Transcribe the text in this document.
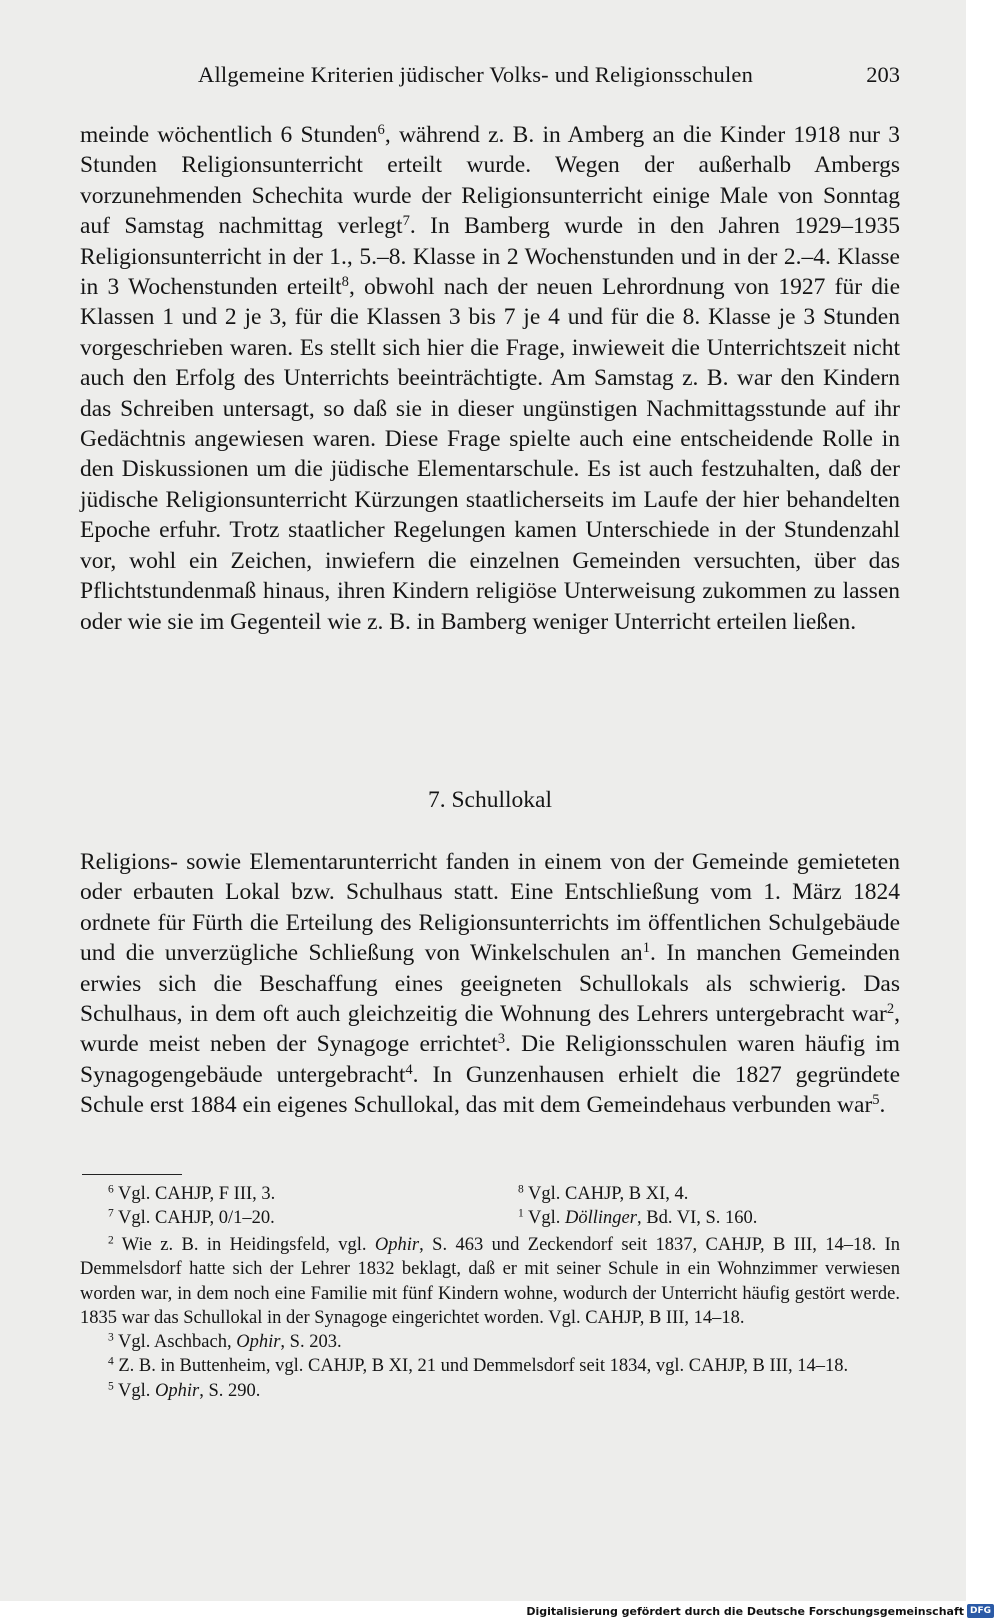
Allgemeine Kriterien jüdischer Volks- und Religionsschulen	203
meinde wöchentlich 6 Stunden$^6$, während z. B. in Amberg an die Kinder 1918 nur 3 Stunden Religionsunterricht erteilt wurde. Wegen der außerhalb Ambergs vorzunehmenden Schechita wurde der Religionsunterricht einige Male von Sonntag auf Samstag nachmittag verlegt$^7$. In Bamberg wurde in den Jahren 1929–1935 Religionsunterricht in der 1., 5.–8. Klasse in 2 Wochenstunden und in der 2.–4. Klasse in 3 Wochenstunden erteilt$^8$, obwohl nach der neuen Lehrordnung von 1927 für die Klassen 1 und 2 je 3, für die Klassen 3 bis 7 je 4 und für die 8. Klasse je 3 Stunden vorgeschrieben waren. Es stellt sich hier die Frage, inwieweit die Unterrichtszeit nicht auch den Erfolg des Unterrichts beeinträchtigte. Am Samstag z. B. war den Kindern das Schreiben untersagt, so daß sie in dieser ungünstigen Nachmittagsstunde auf ihr Gedächtnis angewiesen waren. Diese Frage spielte auch eine entscheidende Rolle in den Diskussionen um die jüdische Elementarschule. Es ist auch festzuhalten, daß der jüdische Religionsunterricht Kürzungen staatlicherseits im Laufe der hier behandelten Epoche erfuhr. Trotz staatlicher Regelungen kamen Unterschiede in der Stundenzahl vor, wohl ein Zeichen, inwiefern die einzelnen Gemeinden versuchten, über das Pflichtstundenmaß hinaus, ihren Kindern religiöse Unterweisung zukommen zu lassen oder wie sie im Gegenteil wie z. B. in Bamberg weniger Unterricht erteilen ließen.
7. Schullokal
Religions- sowie Elementarunterricht fanden in einem von der Gemeinde gemieteten oder erbauten Lokal bzw. Schulhaus statt. Eine Entschließung vom 1. März 1824 ordnete für Fürth die Erteilung des Religionsunterrichts im öffentlichen Schulgebäude und die unverzügliche Schließung von Winkelschulen $an^1$. In manchen Gemeinden erwies sich die Beschaffung eines geeigneten Schullokals als schwierig. Das Schulhaus, in dem oft auch gleichzeitig die Wohnung des Lehrers untergebracht war$^2$, wurde meist neben der Synagoge errichtet$^3$. Die Religionsschulen waren häufig im Synagogengebäude untergebracht$^4$. In Gunzenhausen erhielt die 1827 gegründete Schule erst 1884 ein eigenes Schullokal, das mit dem Gemeindehaus verbunden war$^5$.
$^6$ Vgl. CAHJP, F III, 3.	$^8$ Vgl. CAHJP, B XI, 4.
$^7$ Vgl. CAHJP, 0/1–20.	$^1$ Vgl. Döllinger, Bd. VI, S. 160.

$^2$ Wie z. B. in Heidingsfeld, vgl. Ophir, S. 463 und Zeckendorf seit 1837, CAHJP, B III, 14–18. In Demmelsdorf hatte sich der Lehrer 1832 beklagt, daß er mit seiner Schule in ein Wohnzimmer verwiesen worden war, in dem noch eine Familie mit fünf Kindern wohne, wodurch der Unterricht häufig gestört werde. 1835 war das Schullokal in der Synagoge eingerichtet worden. Vgl. CAHJP, B III, 14–18.

$^3$ Vgl. Aschbach, Ophir, S. 203.

$^4$ Z. B. in Buttenheim, vgl. CAHJP, B XI, 21 und Demmelsdorf seit 1834, vgl. CAHJP, B III, 14–18.

$^5$ Vgl. Ophir, S. 290.

Digitalisierung gefördert durch die Deutsche Forschungsgemeinschaft DFG
